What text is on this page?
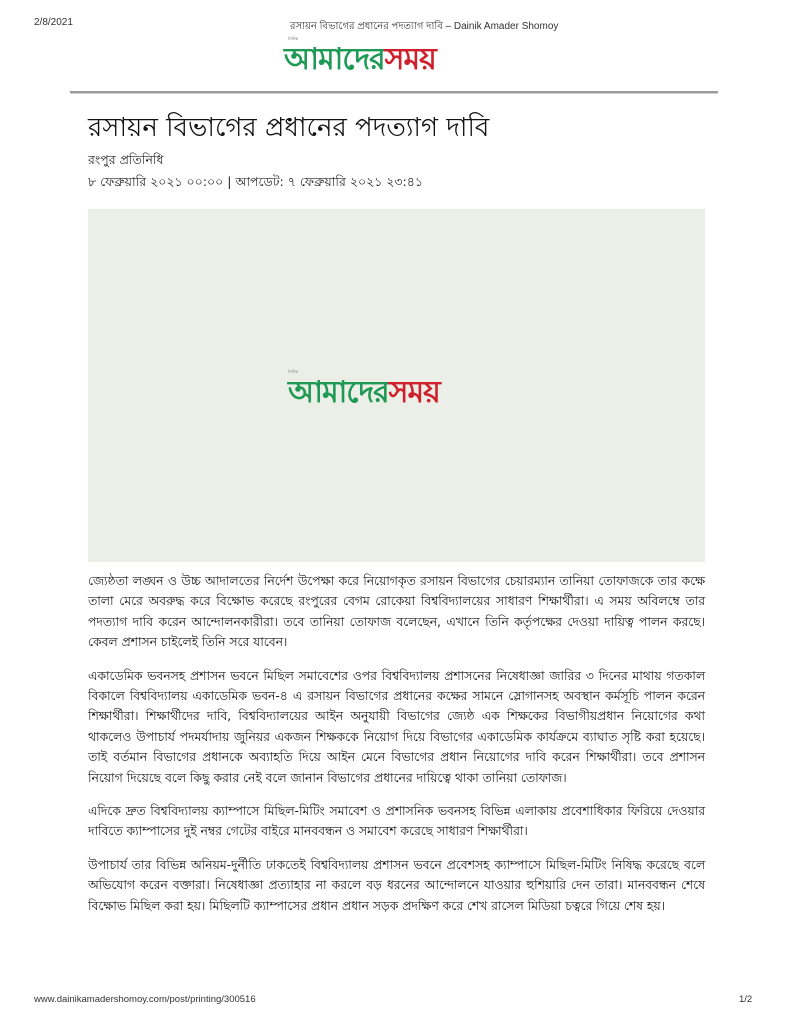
2/8/2021	রসায়ন বিভাগের প্রধানের পদত্যাগ দাবি – Dainik Amader Shomoy
দৈনিক
আমাদেরসময়
রসায়ন বিভাগের প্রধানের পদত্যাগ দাবি
রংপুর প্রতিনিধি
৮ ফেব্রুয়ারি ২০২১ ০০:০০ | আপডেট: ৭ ফেব্রুয়ারি ২০২১ ২৩:৪১
দৈনিক
আমাদেরসময়

জ্যেষ্ঠতা লঙ্ঘন ও উচ্চ আদালতের নির্দেশ উপেক্ষা করে নিয়োগকৃত রসায়ন বিভাগের চেয়ারম্যান তানিয়া তোফাজকে তার কক্ষে তালা মেরে অবরুদ্ধ করে বিক্ষোভ করেছে রংপুরের বেগম রোকেয়া বিশ্ববিদ্যালয়ের সাধারণ শিক্ষার্থীরা। এ সময় অবিলম্বে তার পদত্যাগ দাবি করেন আন্দোলনকারীরা। তবে তানিয়া তোফাজ বলেছেন, এখানে তিনি কর্তৃপক্ষের দেওয়া দায়িত্ব পালন করছে। কেবল প্রশাসন চাইলেই তিনি সরে যাবেন।

একাডেমিক ভবনসহ প্রশাসন ভবনে মিছিল সমাবেশের ওপর বিশ্ববিদ্যালয় প্রশাসনের নিষেধাজ্ঞা জারির ৩ দিনের মাথায় গতকাল বিকালে বিশ্ববিদ্যালয় একাডেমিক ভবন-৪ এ রসায়ন বিভাগের প্রধানের কক্ষের সামনে স্লোগানসহ অবস্থান কর্মসূচি পালন করেন শিক্ষার্থীরা। শিক্ষার্থীদের দাবি, বিশ্ববিদ্যালয়ের আইন অনুযায়ী বিভাগের জ্যেষ্ঠ এক শিক্ষকের বিভাগীয়প্রধান নিয়োগের কথা থাকলেও উপাচার্য পদমর্যাদায় জুনিয়র একজন শিক্ষককে নিয়োগ দিয়ে বিভাগের একাডেমিক কার্যক্রমে ব্যাঘাত সৃষ্টি করা হয়েছে। তাই বর্তমান বিভাগের প্রধানকে অব্যাহতি দিয়ে আইন মেনে বিভাগের প্রধান নিয়োগের দাবি করেন শিক্ষার্থীরা। তবে প্রশাসন নিয়োগ দিয়েছে বলে কিছু করার নেই বলে জানান বিভাগের প্রধানের দায়িত্বে থাকা তানিয়া তোফাজ।

এদিকে দ্রুত বিশ্ববিদ্যালয় ক্যাম্পাসে মিছিল-মিটিং সমাবেশ ও প্রশাসনিক ভবনসহ বিভিন্ন এলাকায় প্রবেশাধিকার ফিরিয়ে দেওয়ার দাবিতে ক্যাম্পাসের দুই নম্বর গেটের বাইরে মানববন্ধন ও সমাবেশ করেছে সাধারণ শিক্ষার্থীরা।

উপাচার্য তার বিভিন্ন অনিয়ম-দুর্নীতি ঢাকতেই বিশ্ববিদ্যালয় প্রশাসন ভবনে প্রবেশসহ ক্যাম্পাসে মিছিল-মিটিং নিষিদ্ধ করেছে বলে অভিযোগ করেন বক্তারা। নিষেধাজ্ঞা প্রত্যাহার না করলে বড় ধরনের আন্দোলনে যাওয়ার হুশিয়ারি দেন তারা। মানববন্ধন শেষে বিক্ষোভ মিছিল করা হয়। মিছিলটি ক্যাম্পাসের প্রধান প্রধান সড়ক প্রদক্ষিণ করে শেখ রাসেল মিডিয়া চত্বরে গিয়ে শেষ হয়।

www.dainikamadershomoy.com/post/printing/300516	1/2
